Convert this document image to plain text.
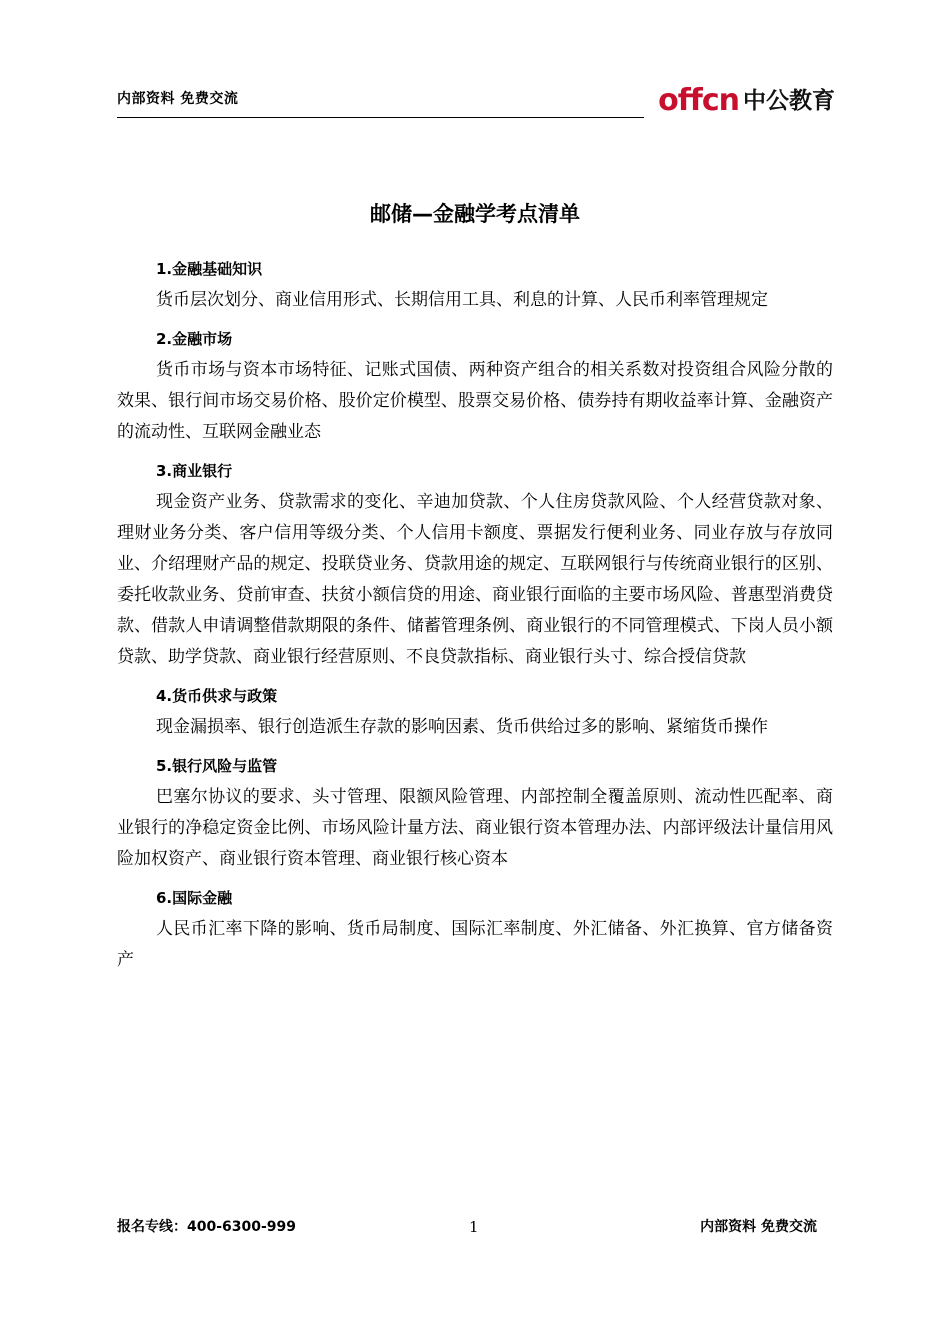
内部资料 免费交流	offcn 中公教育
邮储—金融学考点清单
1.金融基础知识
货币层次划分、商业信用形式、长期信用工具、利息的计算、人民币利率管理规定
2.金融市场
货币市场与资本市场特征、记账式国债、两种资产组合的相关系数对投资组合风险分散的效果、银行间市场交易价格、股价定价模型、股票交易价格、债券持有期收益率计算、金融资产的流动性、互联网金融业态
3.商业银行
现金资产业务、贷款需求的变化、辛迪加贷款、个人住房贷款风险、个人经营贷款对象、理财业务分类、客户信用等级分类、个人信用卡额度、票据发行便利业务、同业存放与存放同业、介绍理财产品的规定、投联贷业务、贷款用途的规定、互联网银行与传统商业银行的区别、委托收款业务、贷前审查、扶贫小额信贷的用途、商业银行面临的主要市场风险、普惠型消费贷款、借款人申请调整借款期限的条件、储蓄管理条例、商业银行的不同管理模式、下岗人员小额贷款、助学贷款、商业银行经营原则、不良贷款指标、商业银行头寸、综合授信贷款
4.货币供求与政策
现金漏损率、银行创造派生存款的影响因素、货币供给过多的影响、紧缩货币操作
5.银行风险与监管
巴塞尔协议的要求、头寸管理、限额风险管理、内部控制全覆盖原则、流动性匹配率、商业银行的净稳定资金比例、市场风险计量方法、商业银行资本管理办法、内部评级法计量信用风险加权资产、商业银行资本管理、商业银行核心资本
6.国际金融
人民币汇率下降的影响、货币局制度、国际汇率制度、外汇储备、外汇换算、官方储备资产
报名专线：400-6300-999	1	内部资料 免费交流
